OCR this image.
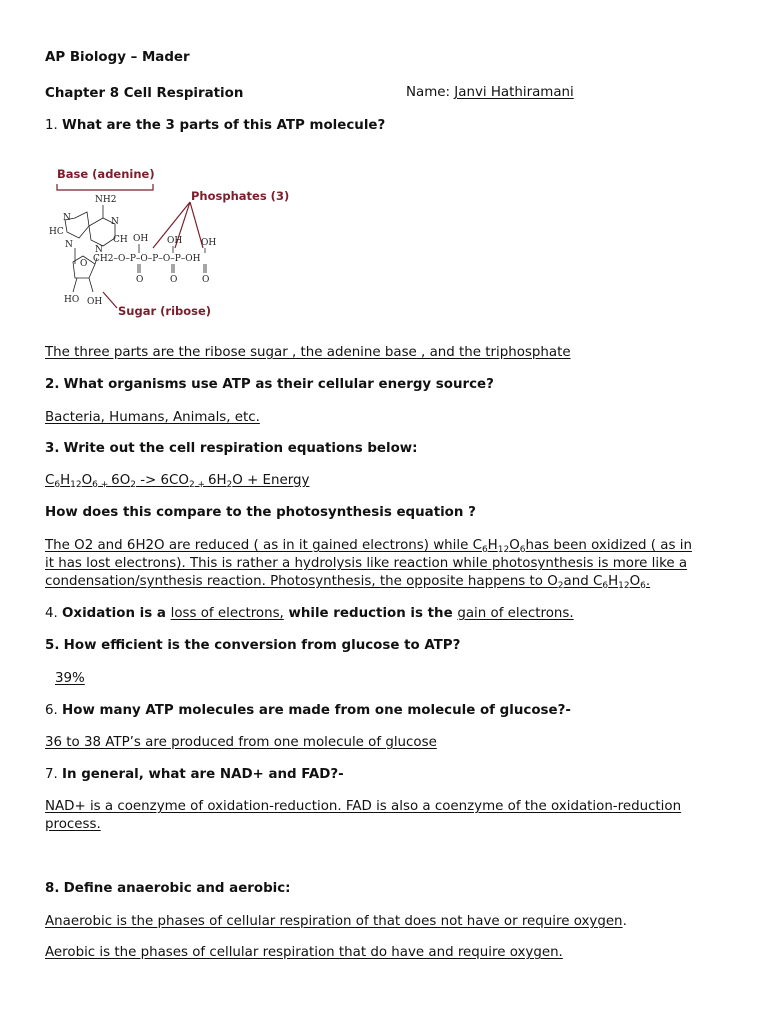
AP Biology – Mader
Chapter 8 Cell Respiration	Name: Janvi Hathiramani
1. What are the 3 parts of this ATP molecule?
Base (adenine)
Phosphates (3)
Sugar (ribose)
NH2
N
HC
N
N
N
CH
O
HO OH
CH2–O–P–O–P–O–P–OH
OH OH OH
O	O	O
The three parts are the ribose sugar , the adenine base , and the triphosphate
2. What organisms use ATP as their cellular energy source?
Bacteria, Humans, Animals, etc.
3. Write out the cell respiration equations below:
$C_6H_{12}O_6$ $_+$ $6O_2 -> 6CO_2$ $_+$ $6H_2O$ + Energy
How does this compare to the photosynthesis equation ?
The O2 and 6H2O are reduced ( as in it gained electrons) while $C_6H_{12}O_6has$ been oxidized ( as in
it has lost electrons). This is rather a hydrolysis like reaction while photosynthesis is more like a
condensation/synthesis reaction. Photosynthesis, the opposite happens to $O_2and$ $C_6H_{12}O_6$.
4. Oxidation is a loss of electrons, while reduction is the gain of electrons.
5. How efficient is the conversion from glucose to ATP?
39%
6. How many ATP molecules are made from one molecule of glucose?-
36 to 38 ATP’s are produced from one molecule of glucose
7. In general, what are NAD+ and FAD?-
NAD+ is a coenzyme of oxidation-reduction. FAD is also a coenzyme of the oxidation-reduction
process.
8. Define anaerobic and aerobic:
Anaerobic is the phases of cellular respiration of that does not have or require oxygen.
Aerobic is the phases of cellular respiration that do have and require oxygen.
